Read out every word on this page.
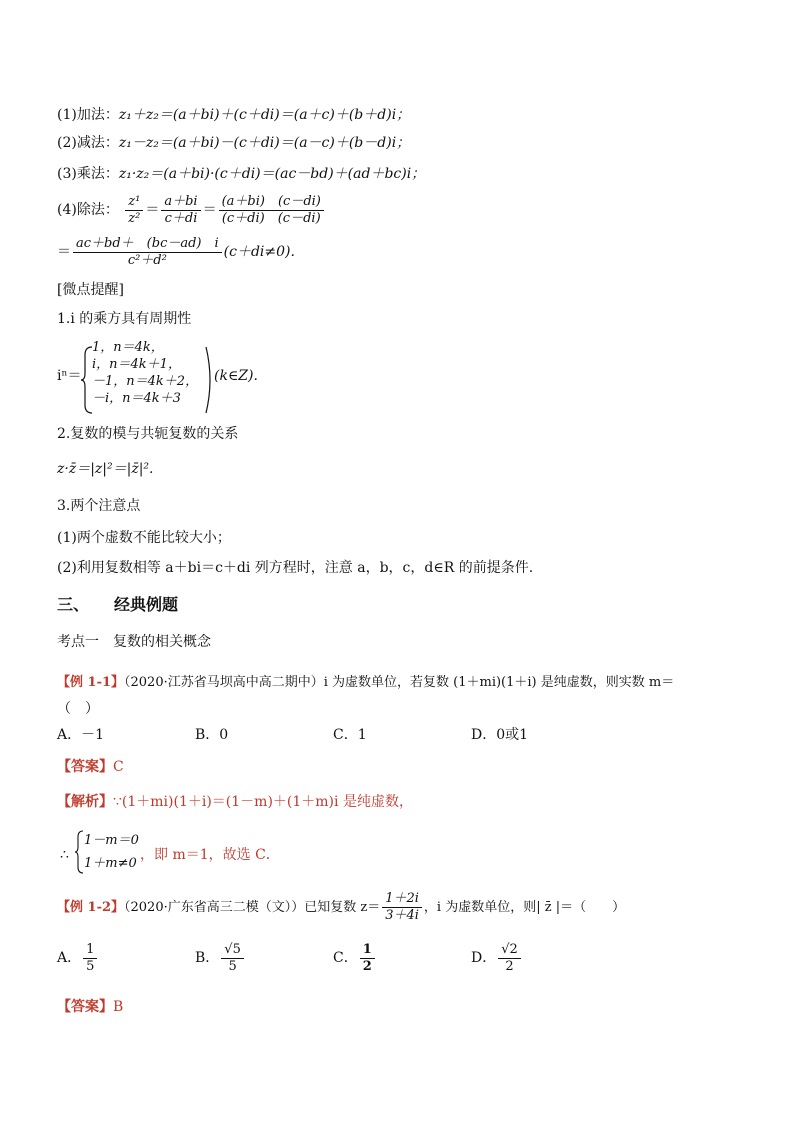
(1)加法：z₁＋z₂＝(a＋bi)＋(c＋di)＝(a＋c)＋(b＋d)i；
(2)减法：z₁－z₂＝(a＋bi)－(c＋di)＝(a－c)＋(b－d)i；
(3)乘法：z₁·z₂＝(a＋bi)·(c＋di)＝(ac－bd)＋(ad＋bc)i；
(4)除法： $\frac{\text{z¹}}{\text{z²}} = \frac{a+bi}{c+di} = \frac{(a+bi) (c-di)}{(c+di) (c-di)}$
＝ $\frac{ac+bd+ (bc-ad) i}{\text{c²＋d²}} (c+di\ne 0)$.
[微点提醒]
1.i 的乘方具有周期性
iⁿ＝
1，n＝4k，
i，n＝4k＋1，
－1，n＝4k＋2，
－i，n＝4k＋3
(k∈Z).
2.复数的模与共轭复数的关系
z·z̄＝|z|²＝|z̄|².
3.两个注意点
(1)两个虚数不能比较大小；
(2)利用复数相等 a＋bi＝c＋di 列方程时，注意 a，b，c，d∈R 的前提条件.
三、 经典例题
考点一　复数的相关概念
【例 1-1】（2020·江苏省马坝高中高二期中）i 为虚数单位，若复数 (1＋mi)(1＋i) 是纯虚数，则实数 m＝
（　）
A．－1	B．0	C．1	D．0或1
【答案】C
【解析】∵(1＋mi)(1＋i)＝(1－m)＋(1＋m)i 是纯虚数，
∴
1－m＝0
1＋m≠0
，即 m＝1，故选 C．
【例 1-2】（2020·广东省高三二模（文））已知复数 $z= \frac{1+2i}{3+4i}$ ，i 为虚数单位，则| z̄ |＝（　　）
A． $\frac{1}{5}$	B． $\frac{√5}{5}$	C． $\frac{1}{2}$	D． $\frac{√2}{2}$
【答案】B
